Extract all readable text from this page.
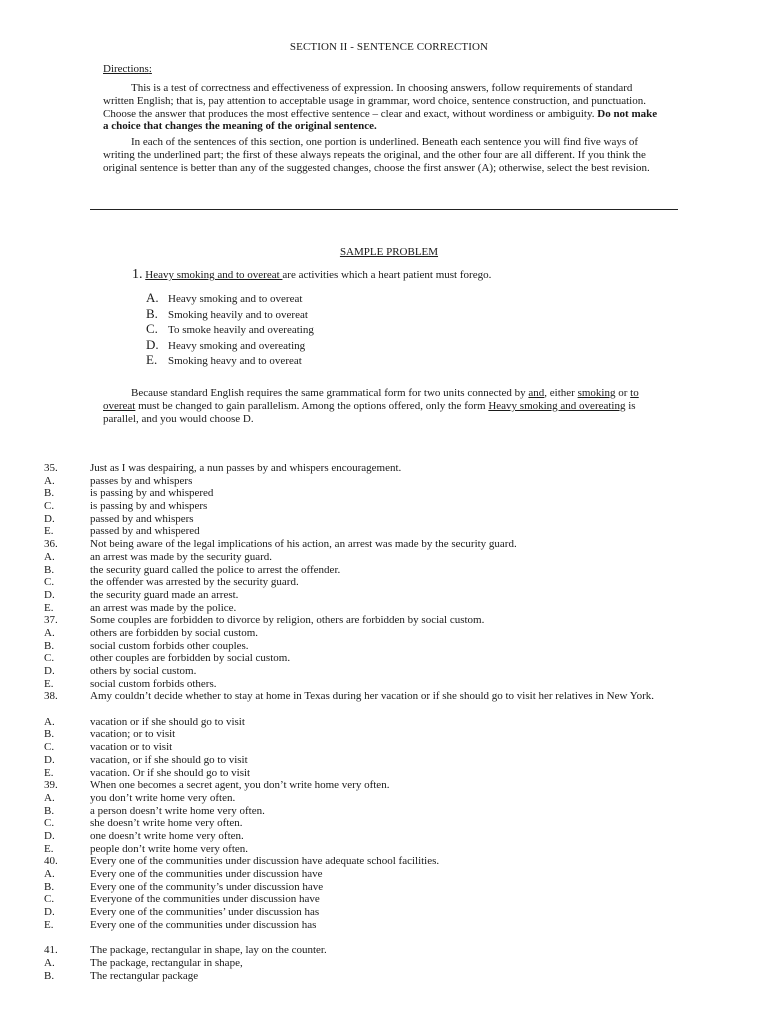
SECTION II - SENTENCE CORRECTION
Directions:
This is a test of correctness and effectiveness of expression. In choosing answers, follow requirements of standard written English; that is, pay attention to acceptable usage in grammar, word choice, sentence construction, and punctuation. Choose the answer that produces the most effective sentence – clear and exact, without wordiness or ambiguity. Do not make a choice that changes the meaning of the original sentence.
In each of the sentences of this section, one portion is underlined. Beneath each sentence you will find five ways of writing the underlined part; the first of these always repeats the original, and the other four are all different. If you think the original sentence is better than any of the suggested changes, choose the first answer (A); otherwise, select the best revision.
SAMPLE PROBLEM
1. Heavy smoking and to overeat are activities which a heart patient must forego.
A. Heavy smoking and to overeat
B. Smoking heavily and to overeat
C. To smoke heavily and overeating
D. Heavy smoking and overeating
E. Smoking heavy and to overeat
Because standard English requires the same grammatical form for two units connected by and, either smoking or to overeat must be changed to gain parallelism. Among the options offered, only the form Heavy smoking and overeating is parallel, and you would choose D.
35.	Just as I was despairing, a nun passes by and whispers encouragement.
A.	passes by and whispers
B.	is passing by and whispered
C.	is passing by and whispers
D.	passed by and whispers
E.	passed by and whispered
36.	Not being aware of the legal implications of his action, an arrest was made by the security guard.
A.	an arrest was made by the security guard.
B.	the security guard called the police to arrest the offender.
C.	the offender was arrested by the security guard.
D.	the security guard made an arrest.
E.	an arrest was made by the police.
37.	Some couples are forbidden to divorce by religion, others are forbidden by social custom.
A.	others are forbidden by social custom.
B.	social custom forbids other couples.
C.	other couples are forbidden by social custom.
D.	others by social custom.
E.	social custom forbids others.
38.	Amy couldn’t decide whether to stay at home in Texas during her vacation or if she should go to visit her relatives in New York.
A.	vacation or if she should go to visit
B.	vacation; or to visit
C.	vacation or to visit
D.	vacation, or if she should go to visit
E.	vacation. Or if she should go to visit
39.	When one becomes a secret agent, you don’t write home very often.
A.	you don’t write home very often.
B.	a person doesn’t write home very often.
C.	she doesn’t write home very often.
D.	one doesn’t write home very often.
E.	people don’t write home very often.
40.	Every one of the communities under discussion have adequate school facilities.
A.	Every one of the communities under discussion have
B.	Every one of the community’s under discussion have
C.	Everyone of the communities under discussion have
D.	Every one of the communities’ under discussion has
E.	Every one of the communities under discussion has
41.	The package, rectangular in shape, lay on the counter.
A.	The package, rectangular in shape,
B.	The rectangular package
